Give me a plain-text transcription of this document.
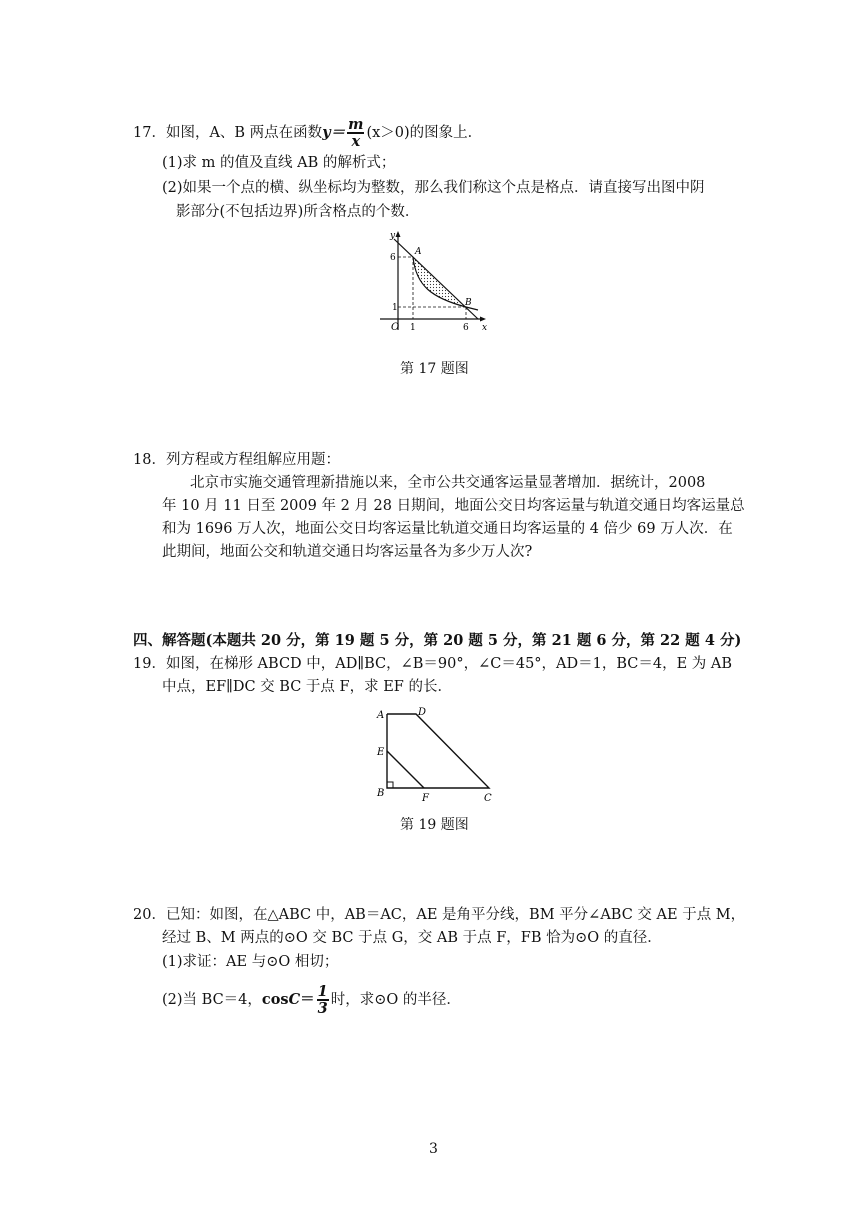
17．如图，A、B 两点在函数$y= \frac{m}{x} (x>0)$的图象上．
(1)求 m 的值及直线 AB 的解析式；
(2)如果一个点的横、纵坐标均为整数，那么我们称这个点是格点．请直接写出图中阴
影部分(不包括边界)所含格点的个数．
y
A
6
1	B
O 1	6 x
第 17 题图
18．列方程或方程组解应用题：
北京市实施交通管理新措施以来，全市公共交通客运量显著增加．据统计，2008
年 10 月 11 日至 2009 年 2 月 28 日期间，地面公交日均客运量与轨道交通日均客运量总
和为 1696 万人次，地面公交日均客运量比轨道交通日均客运量的 4 倍少 69 万人次．在
此期间，地面公交和轨道交通日均客运量各为多少万人次?
四、解答题(本题共 20 分，第 19 题 5 分，第 20 题 5 分，第 21 题 6 分，第 22 题 4 分)
19．如图，在梯形 ABCD 中，AD∥BC，∠B＝90°，∠C＝45°，AD＝1，BC＝4，E 为 AB
中点，EF∥DC 交 BC 于点 F，求 EF 的长．
A	D
E
B	F	C
第 19 题图
20．已知：如图，在△ABC 中，AB＝AC，AE 是角平分线，BM 平分∠ABC 交 AE 于点 M，
经过 B、M 两点的⊙O 交 BC 于点 G，交 AB 于点 F，FB 恰为⊙O 的直径．
(1)求证：AE 与⊙O 相切；
(2)当 BC＝4，$\cos C= \frac{1}{3}$ 时，求⊙O 的半径．
3
